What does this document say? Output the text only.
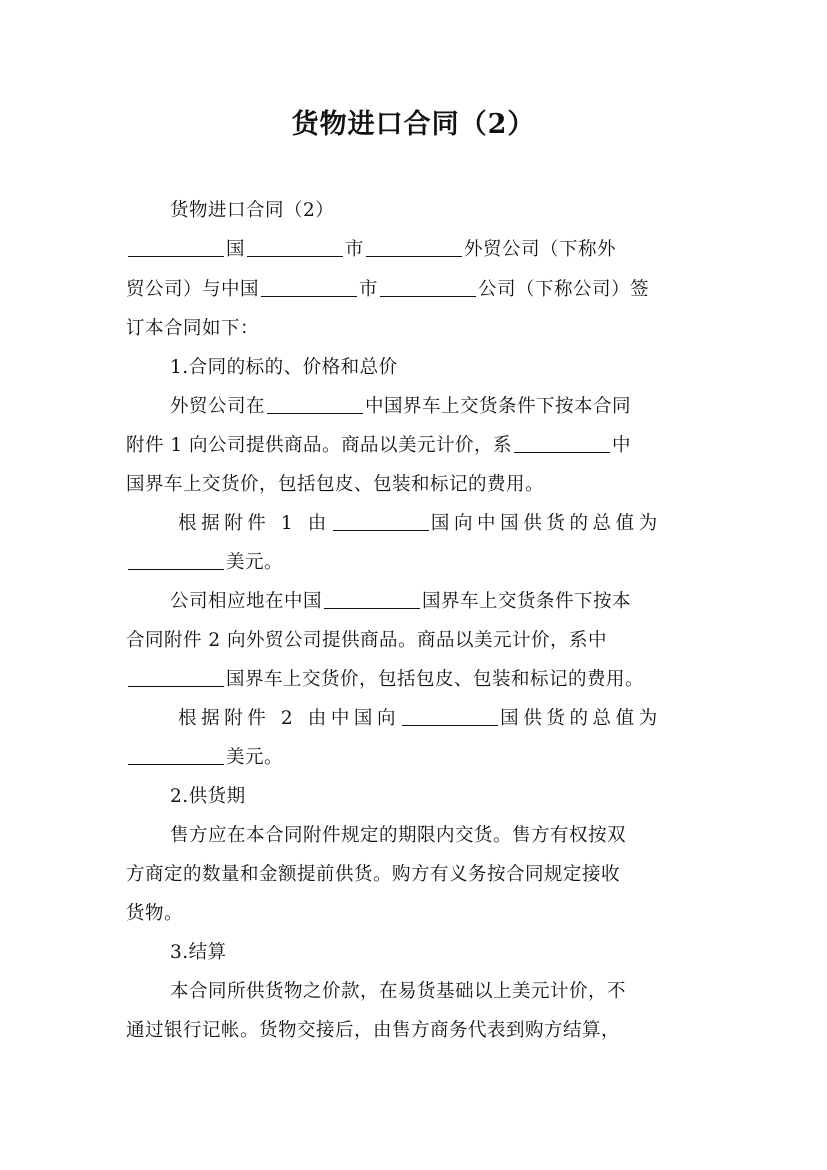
货物进口合同（2）
货物进口合同（2）
国	市	外贸公司（下称外
贸公司）与中国	市	公司（下称公司）签
订本合同如下：
1.合同的标的、价格和总价
外贸公司在	中国界车上交货条件下按本合同
附件 1 向公司提供商品。商品以美元计价，系	中
国界车上交货价，包括包皮、包装和标记的费用。
根据附件 1 由	国向中国供货的总值为
美元。
公司相应地在中国	国界车上交货条件下按本
合同附件 2 向外贸公司提供商品。商品以美元计价，系中
国界车上交货价，包括包皮、包装和标记的费用。
根据附件 2 由中国向	国供货的总值为
美元。
2.供货期
售方应在本合同附件规定的期限内交货。售方有权按双
方商定的数量和金额提前供货。购方有义务按合同规定接收
货物。
3.结算
本合同所供货物之价款，在易货基础以上美元计价，不
通过银行记帐。货物交接后，由售方商务代表到购方结算，
